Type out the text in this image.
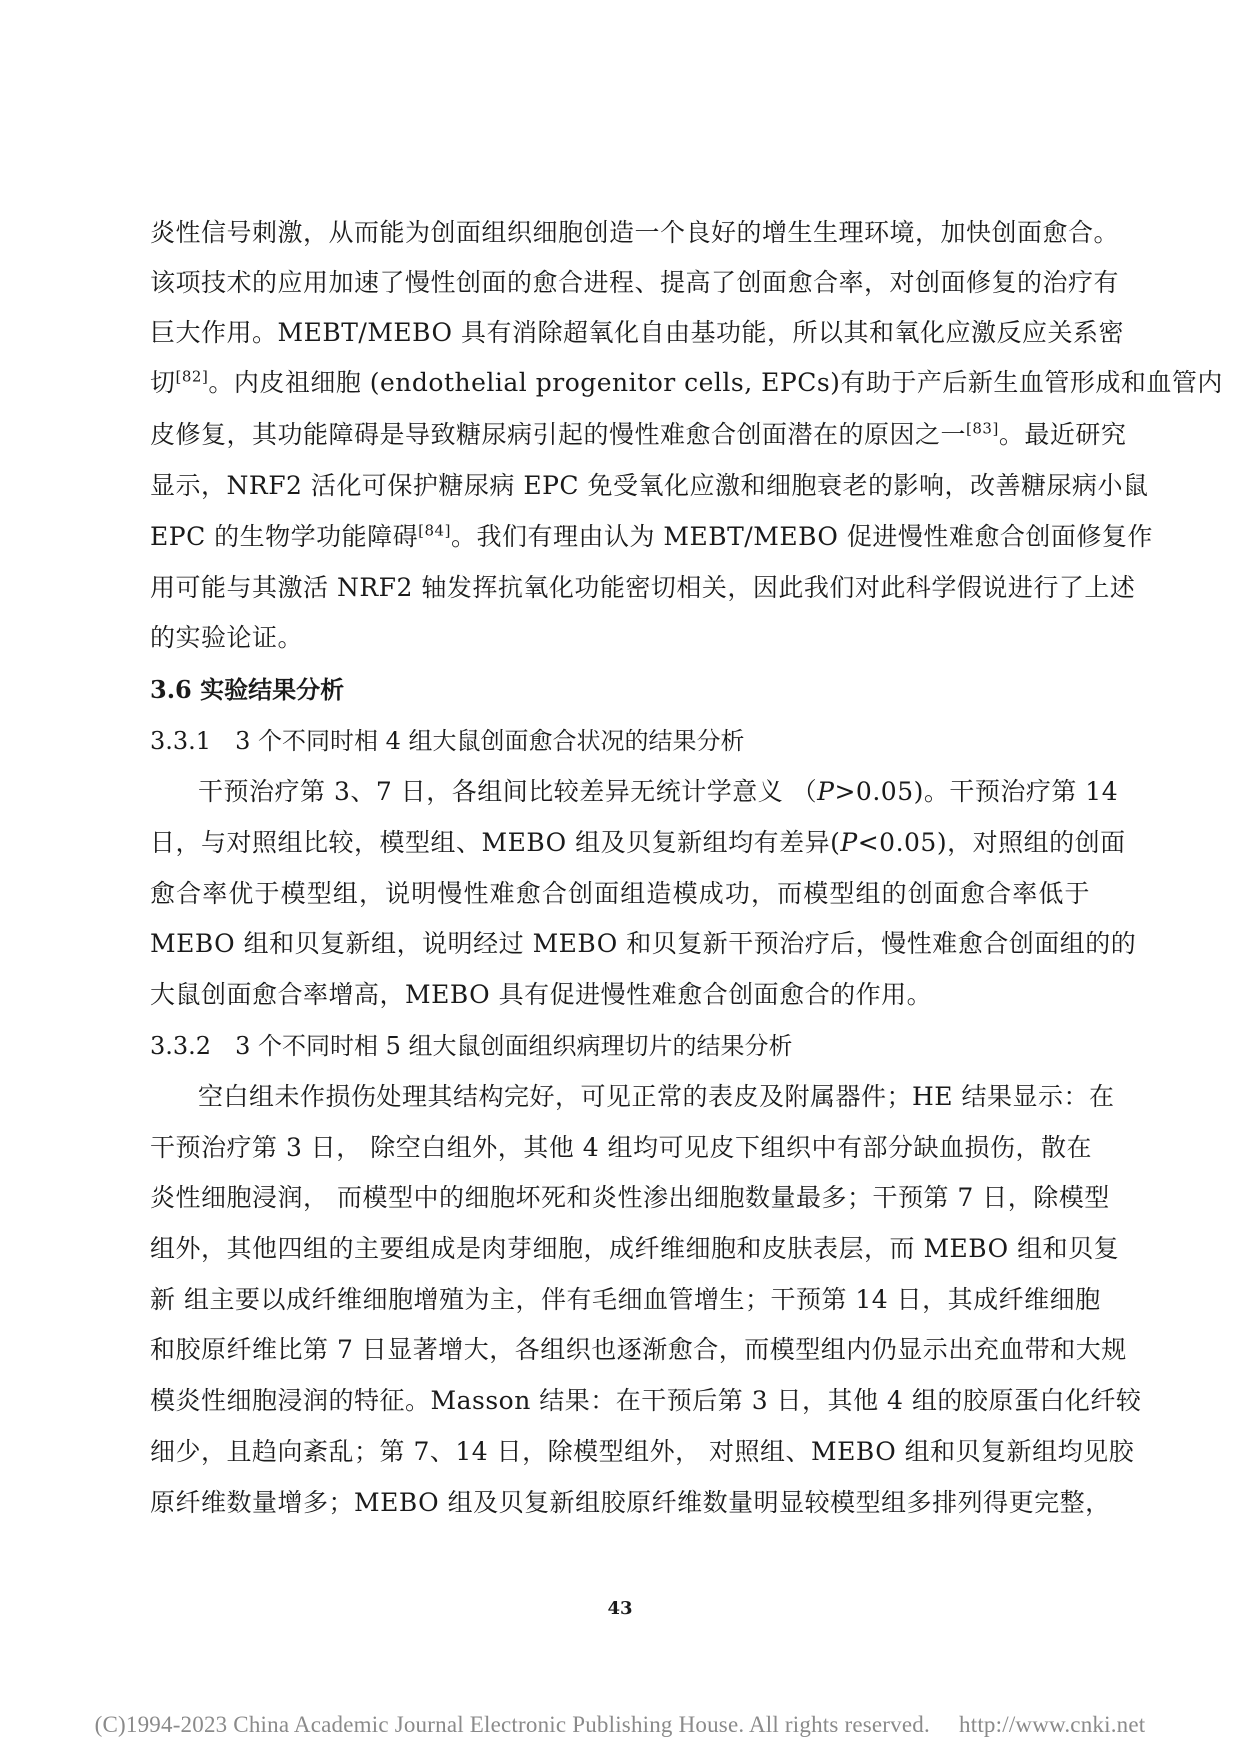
炎性信号刺激，从而能为创面组织细胞创造一个良好的增生生理环境，加快创面愈合。
该项技术的应用加速了慢性创面的愈合进程、提高了创面愈合率，对创面修复的治疗有
巨大作用。MEBT/MEBO 具有消除超氧化自由基功能，所以其和氧化应激反应关系密
切[82]。内皮祖细胞 (endothelial progenitor cells, EPCs)有助于产后新生血管形成和血管内
皮修复，其功能障碍是导致糖尿病引起的慢性难愈合创面潜在的原因之一[83]。最近研究
显示，NRF2 活化可保护糖尿病 EPC 免受氧化应激和细胞衰老的影响，改善糖尿病小鼠
EPC 的生物学功能障碍[84]。我们有理由认为 MEBT/MEBO 促进慢性难愈合创面修复作
用可能与其激活 NRF2 轴发挥抗氧化功能密切相关，因此我们对此科学假说进行了上述
的实验论证。
3.6 实验结果分析
3.3.1　3 个不同时相 4 组大鼠创面愈合状况的结果分析
干预治疗第 3、7 日，各组间比较差异无统计学意义 （P>0.05)。干预治疗第 14
日，与对照组比较，模型组、MEBO 组及贝复新组均有差异(P<0.05)，对照组的创面
愈合率优于模型组，说明慢性难愈合创面组造模成功，而模型组的创面愈合率低于
MEBO 组和贝复新组，说明经过 MEBO 和贝复新干预治疗后，慢性难愈合创面组的的
大鼠创面愈合率增高，MEBO 具有促进慢性难愈合创面愈合的作用。
3.3.2　3 个不同时相 5 组大鼠创面组织病理切片的结果分析
空白组未作损伤处理其结构完好，可见正常的表皮及附属器件；HE 结果显示：在
干预治疗第 3 日， 除空白组外，其他 4 组均可见皮下组织中有部分缺血损伤，散在
炎性细胞浸润， 而模型中的细胞坏死和炎性渗出细胞数量最多；干预第 7 日，除模型
组外，其他四组的主要组成是肉芽细胞，成纤维细胞和皮肤表层，而 MEBO 组和贝复
新 组主要以成纤维细胞增殖为主，伴有毛细血管增生；干预第 14 日，其成纤维细胞
和胶原纤维比第 7 日显著增大，各组织也逐渐愈合，而模型组内仍显示出充血带和大规
模炎性细胞浸润的特征。Masson 结果：在干预后第 3 日，其他 4 组的胶原蛋白化纤较
细少，且趋向紊乱；第 7、14 日，除模型组外， 对照组、MEBO 组和贝复新组均见胶
原纤维数量增多；MEBO 组及贝复新组胶原纤维数量明显较模型组多排列得更完整，
43
(C)1994-2023 China Academic Journal Electronic Publishing House. All rights reserved.　 http://www.cnki.net
